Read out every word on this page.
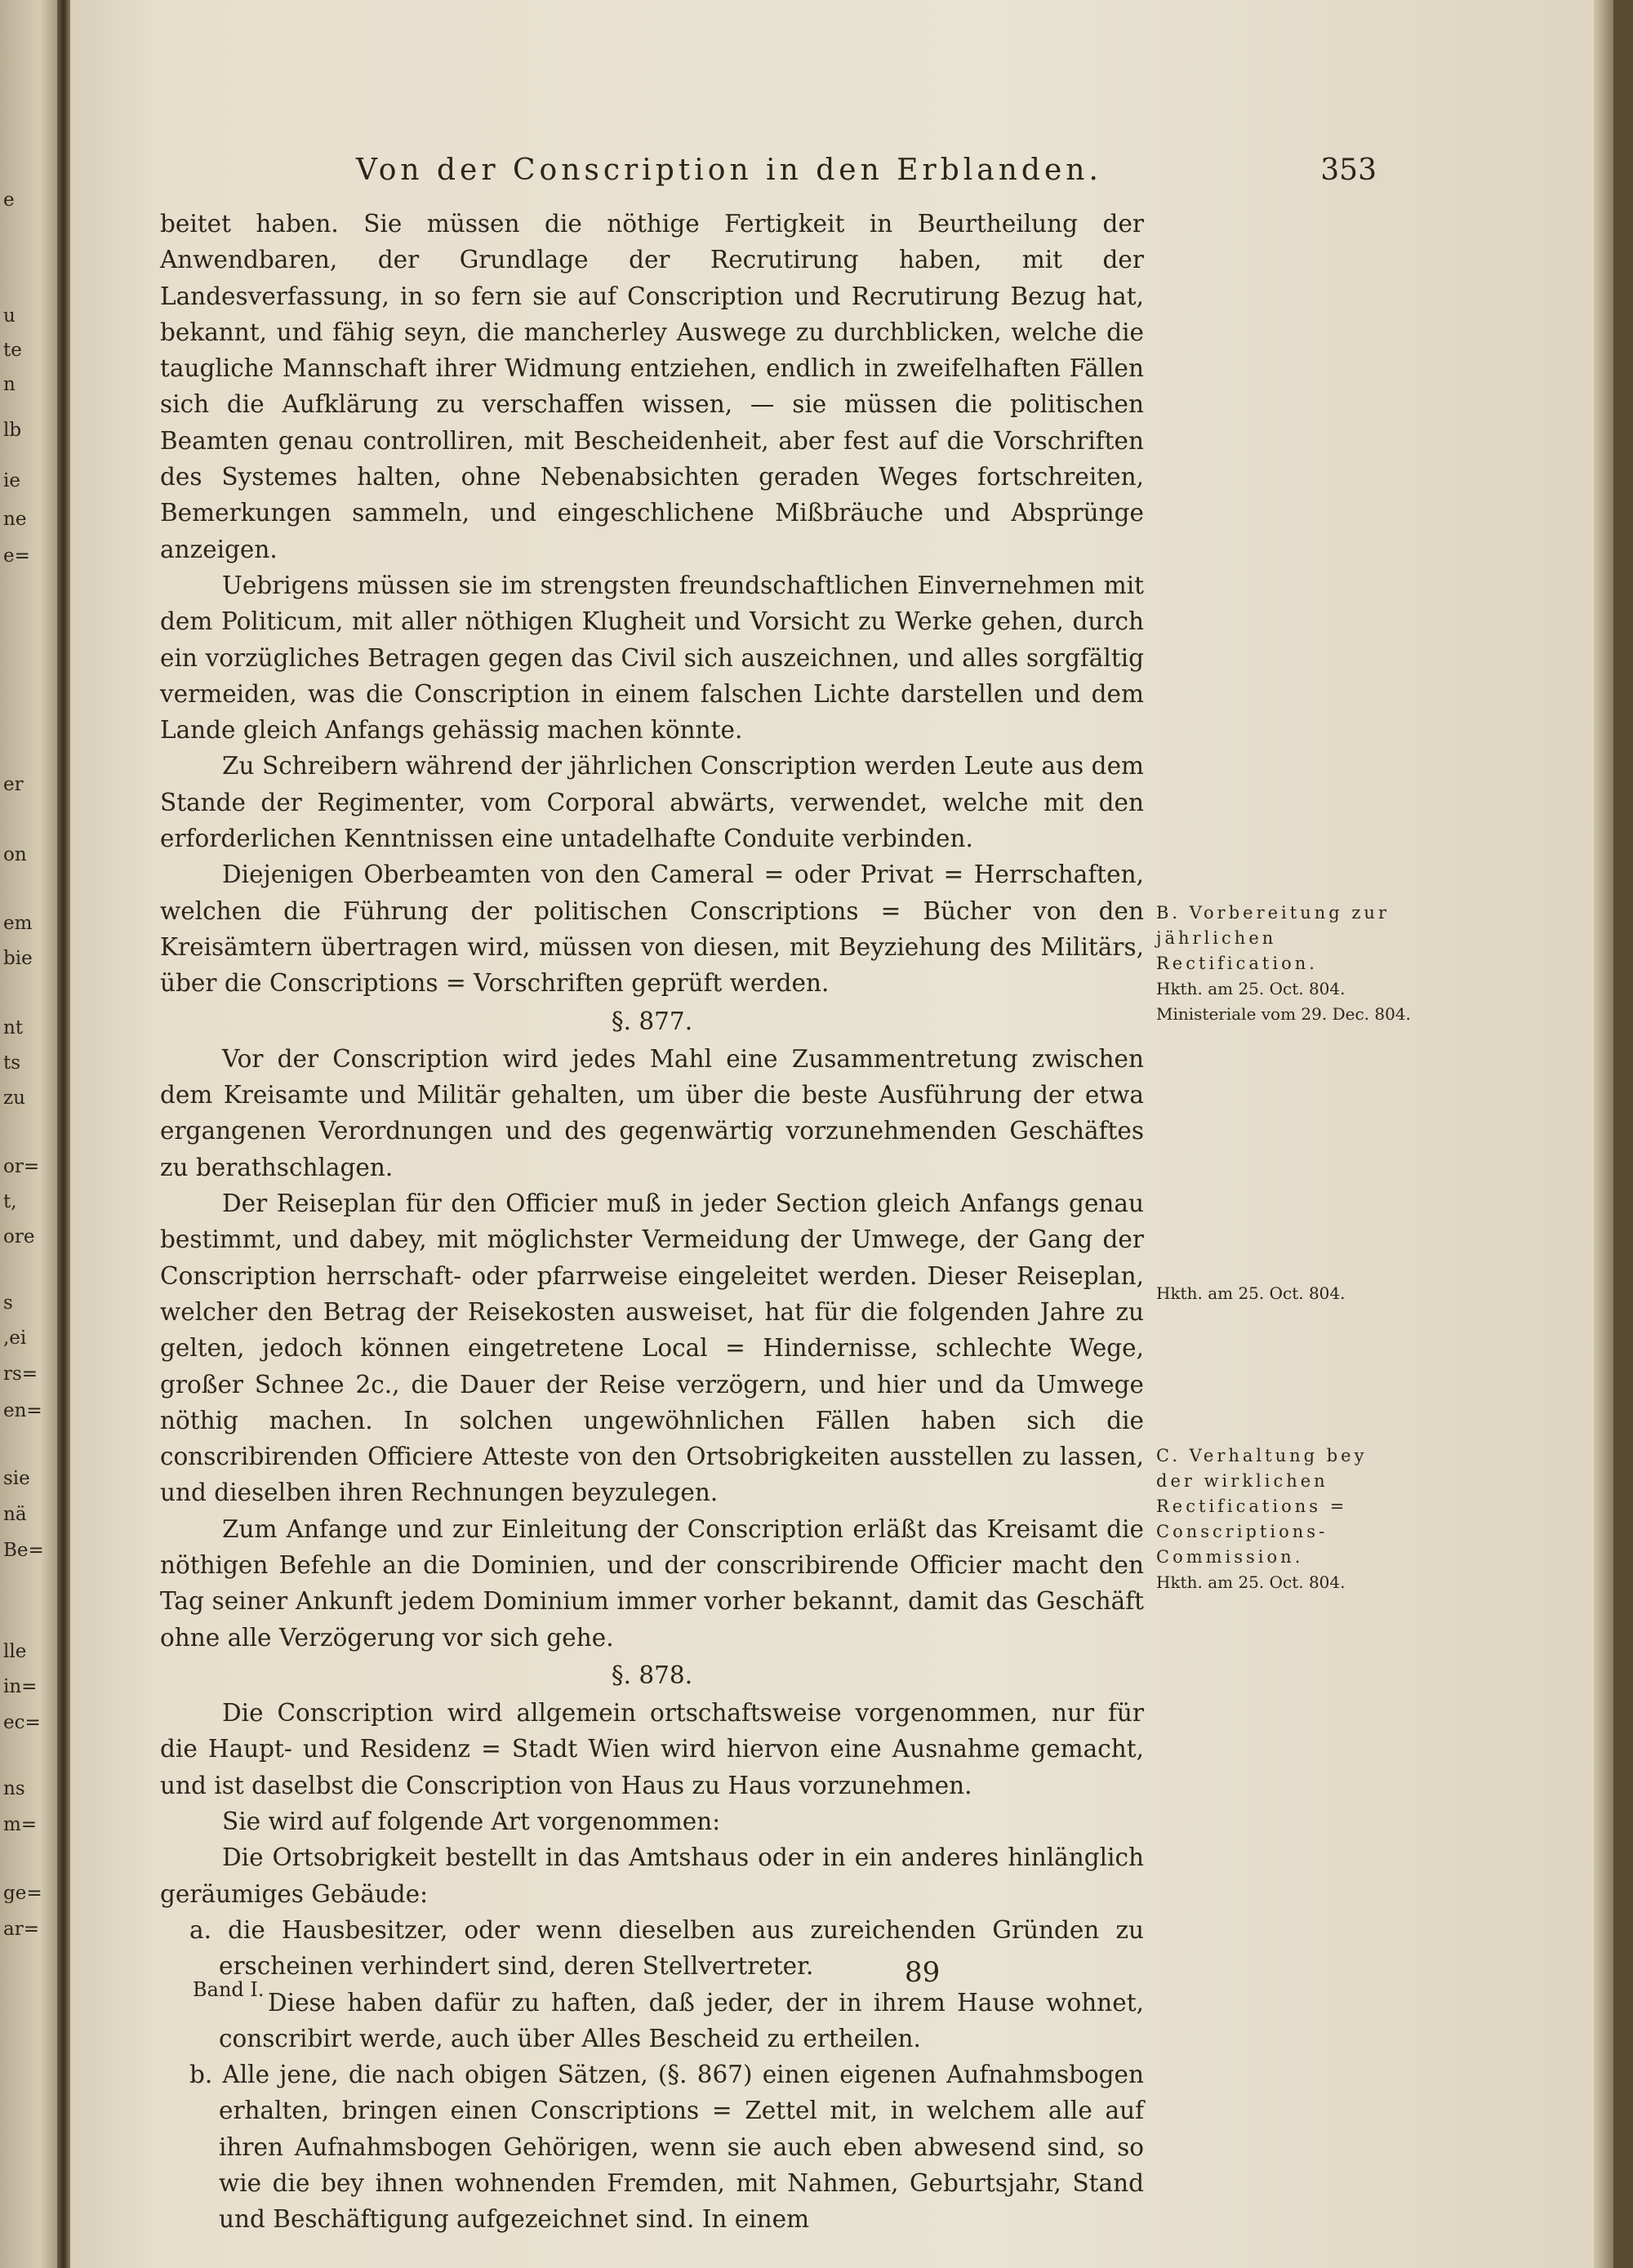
e
u
te
n
lb
ie
ne
e=
er
on
em
bie
nt
ts
zu
or=
t,
ore
s
,ei
rs=
en=
sie
nä
Be=
lle
in=
ec=
ns
m=
ge=
ar=
Von der Conscription in den Erblanden.	353

beitet haben. Sie müssen die nöthige Fertigkeit in Beurtheilung der Anwendbaren, der Grundlage der Recrutirung haben, mit der Landesverfassung, in so fern sie auf Conscription und Recrutirung Bezug hat, bekannt, und fähig seyn, die mancherley Auswege zu durchblicken, welche die taugliche Mannschaft ihrer Widmung entziehen, endlich in zweifelhaften Fällen sich die Aufklärung zu verschaffen wissen, — sie müssen die politischen Beamten genau controlliren, mit Bescheidenheit, aber fest auf die Vorschriften des Systemes halten, ohne Nebenabsichten geraden Weges fortschreiten, Bemerkungen sammeln, und eingeschlichene Mißbräuche und Absprünge anzeigen.

Uebrigens müssen sie im strengsten freundschaftlichen Einvernehmen mit dem Politicum, mit aller nöthigen Klugheit und Vorsicht zu Werke gehen, durch ein vorzügliches Betragen gegen das Civil sich auszeichnen, und alles sorgfältig vermeiden, was die Conscription in einem falschen Lichte darstellen und dem Lande gleich Anfangs gehässig machen könnte.

Zu Schreibern während der jährlichen Conscription werden Leute aus dem Stande der Regimenter, vom Corporal abwärts, verwendet, welche mit den erforderlichen Kenntnissen eine untadelhafte Conduite verbinden.

Diejenigen Oberbeamten von den Cameral = oder Privat = Herrschaften, welchen die Führung der politischen Conscriptions = Bücher von den Kreisämtern übertragen wird, müssen von diesen, mit Beyziehung des Militärs, über die Conscriptions = Vorschriften geprüft werden.

§. 877.

Vor der Conscription wird jedes Mahl eine Zusammentretung zwischen dem Kreisamte und Militär gehalten, um über die beste Ausführung der etwa ergangenen Verordnungen und des gegenwärtig vorzunehmenden Geschäftes zu berathschlagen.

Der Reiseplan für den Officier muß in jeder Section gleich Anfangs genau bestimmt, und dabey, mit möglichster Vermeidung der Umwege, der Gang der Conscription herrschaft- oder pfarrweise eingeleitet werden. Dieser Reiseplan, welcher den Betrag der Reisekosten ausweiset, hat für die folgenden Jahre zu gelten, jedoch können eingetretene Local = Hindernisse, schlechte Wege, großer Schnee 2c., die Dauer der Reise verzögern, und hier und da Umwege nöthig machen. In solchen ungewöhnlichen Fällen haben sich die conscribirenden Officiere Atteste von den Ortsobrigkeiten ausstellen zu lassen, und dieselben ihren Rechnungen beyzulegen.

Zum Anfange und zur Einleitung der Conscription erläßt das Kreisamt die nöthigen Befehle an die Dominien, und der conscribirende Officier macht den Tag seiner Ankunft jedem Dominium immer vorher bekannt, damit das Geschäft ohne alle Verzögerung vor sich gehe.

§. 878.

Die Conscription wird allgemein ortschaftsweise vorgenommen, nur für die Haupt- und Residenz = Stadt Wien wird hiervon eine Ausnahme gemacht, und ist daselbst die Conscription von Haus zu Haus vorzunehmen.

Sie wird auf folgende Art vorgenommen:

Die Ortsobrigkeit bestellt in das Amtshaus oder in ein anderes hinlänglich geräumiges Gebäude:

a. die Hausbesitzer, oder wenn dieselben aus zureichenden Gründen zu erscheinen verhindert sind, deren Stellvertreter.

Diese haben dafür zu haften, daß jeder, der in ihrem Hause wohnet, conscribirt werde, auch über Alles Bescheid zu ertheilen.

b. Alle jene, die nach obigen Sätzen, (§. 867) einen eigenen Aufnahmsbogen erhalten, bringen einen Conscriptions = Zettel mit, in welchem alle auf ihren Aufnahmsbogen Gehörigen, wenn sie auch eben abwesend sind, so wie die bey ihnen wohnenden Fremden, mit Nahmen, Geburtsjahr, Stand und Beschäftigung aufgezeichnet sind. In einem

89
Band I.
B. Vorbereitung zur jährlichen Rectification.
Hkth. am 25. Oct. 804.
Ministeriale vom 29. Dec. 804.
Hkth. am 25. Oct. 804.
C. Verhaltung bey der wirklichen Rectifications = Conscriptions-Commission.
Hkth. am 25. Oct. 804.
